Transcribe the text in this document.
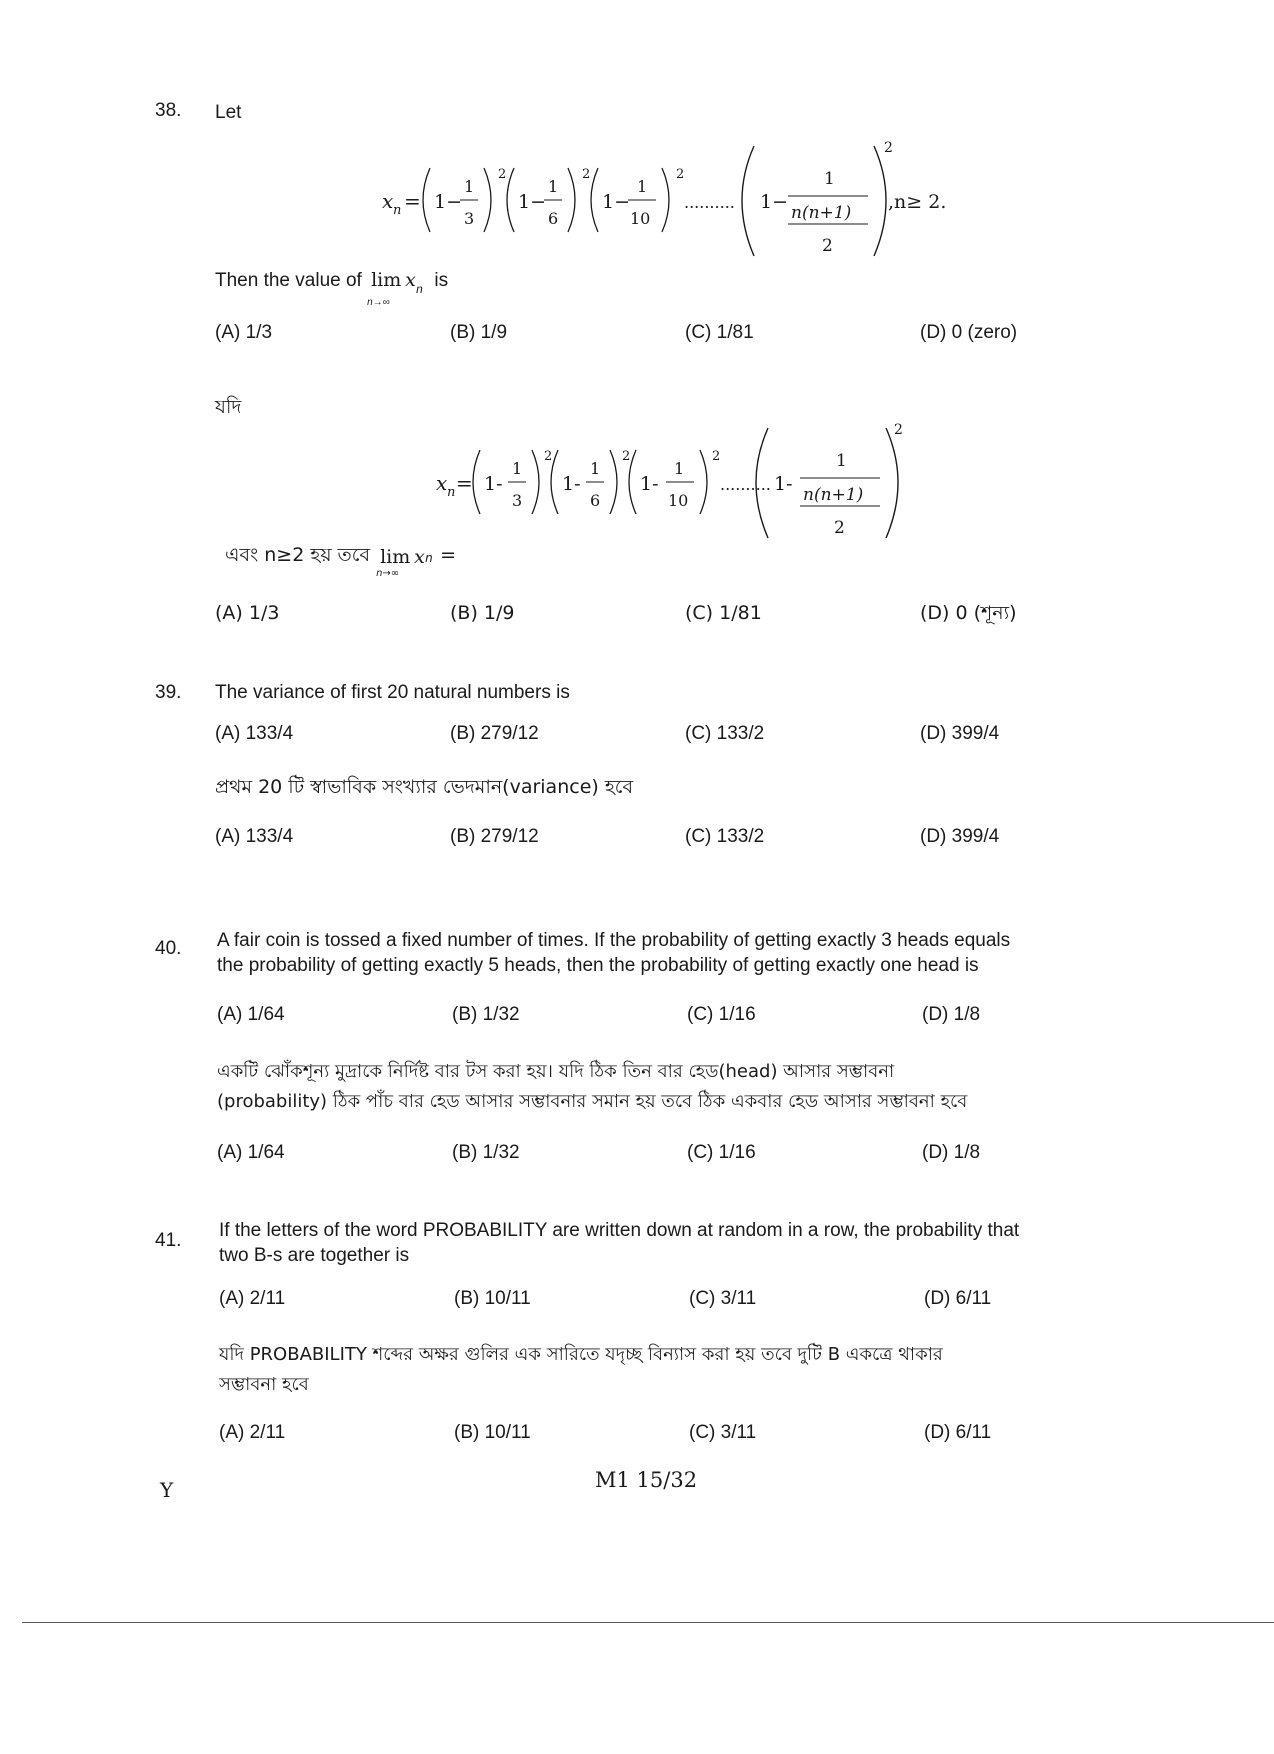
38. Let
x n = 1−
1
3
2
1−
1
6
2
1−
1
10
2
.......... 1−
1
n(n+1)
2
2
,n≥ 2.
Then the value of lim x n
n→∞
is
(A) 1/3	(B) 1/9	(C) 1/81	(D) 0 (zero)
যদি
x n = 1-
1
3
2
1-
1
6
2
1-
1
10
2
.......... 1-
1
n(n+1)
2
2
এবং n≥2 হয় তবে lim x n
n→∞
=
(A) 1/3	(B) 1/9	(C) 1/81	(D) 0 (শূন্য)
39. The variance of first 20 natural numbers is
(A) 133/4	(B) 279/12	(C) 133/2	(D) 399/4
প্রথম 20 টি স্বাভাবিক সংখ্যার ভেদমান(variance) হবে
(A) 133/4	(B) 279/12	(C) 133/2	(D) 399/4
40. A fair coin is tossed a fixed number of times. If the probability of getting exactly 3 heads equals
the probability of getting exactly 5 heads, then the probability of getting exactly one head is
(A) 1/64	(B) 1/32	(C) 1/16	(D) 1/8
একটি ঝোঁকশূন্য মুদ্রাকে নির্দিষ্ট বার টস করা হয়। যদি ঠিক তিন বার হেড(head) আসার সম্ভাবনা
(probability) ঠিক পাঁচ বার হেড আসার সম্ভাবনার সমান হয় তবে ঠিক একবার হেড আসার সম্ভাবনা হবে
(A) 1/64	(B) 1/32	(C) 1/16	(D) 1/8
41. If the letters of the word PROBABILITY are written down at random in a row, the probability that
two B-s are together is
(A) 2/11	(B) 10/11	(C) 3/11	(D) 6/11
যদি PROBABILITY শব্দের অক্ষর গুলির এক সারিতে যদৃচ্ছ বিন্যাস করা হয় তবে দুটি B একত্রে থাকার
সম্ভাবনা হবে
(A) 2/11	(B) 10/11	(C) 3/11	(D) 6/11
Y	M1 15/32
